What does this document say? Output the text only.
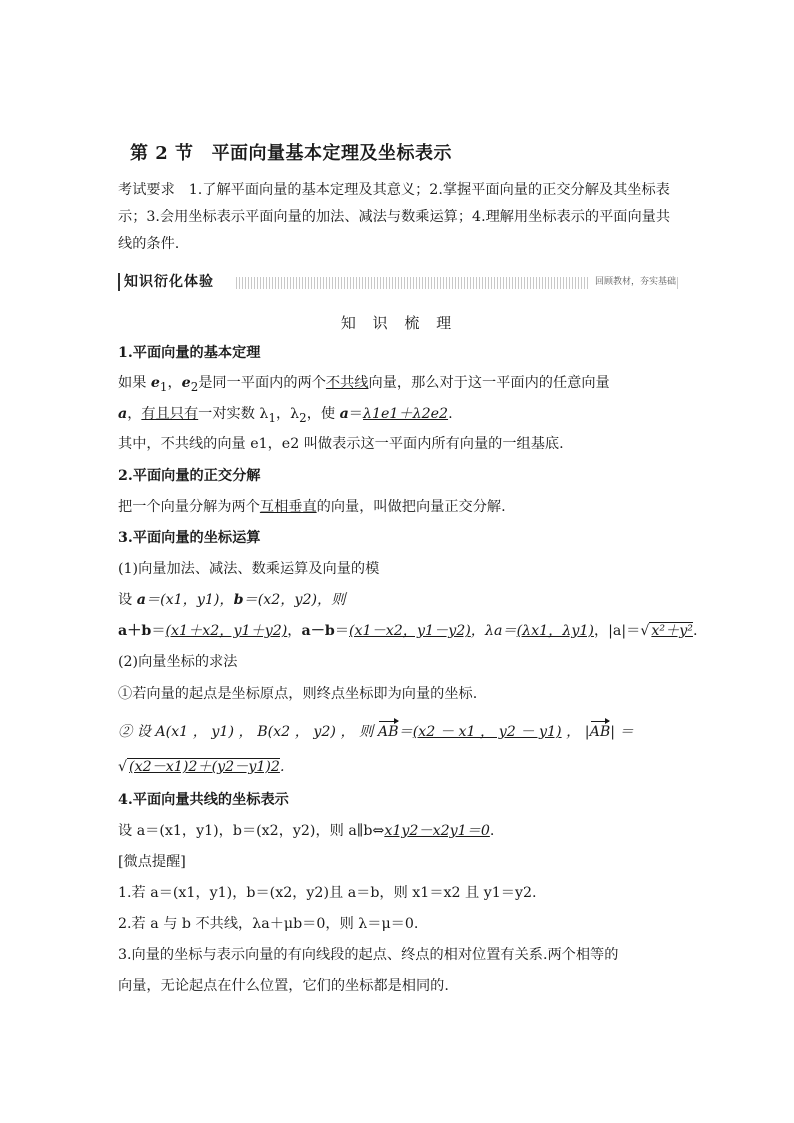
第 2 节 平面向量基本定理及坐标表示
考试要求 1.了解平面向量的基本定理及其意义；2.掌握平面向量的正交分解及其坐标表示；3.会用坐标表示平面向量的加法、减法与数乘运算；4.理解用坐标表示的平面向量共线的条件.
知识衍化体验	回顾教材，夯实基础
知 识 梳 理
1.平面向量的基本定理
如果 $e_1$，$e_2$是同一平面内的两个不共线向量，那么对于这一平面内的任意向量
a，有且只有一对实数 $\lambda_1$，$\lambda_2$，使 a＝λ1e1＋λ2e2.
其中，不共线的向量 e1，e2 叫做表示这一平面内所有向量的一组基底.
2.平面向量的正交分解
把一个向量分解为两个互相垂直的向量，叫做把向量正交分解.
3.平面向量的坐标运算
(1)向量加法、减法、数乘运算及向量的模
设 a＝(x1，y1)，b＝(x2，y2)，则
a＋b＝(x1＋x2，y1＋y2)，a－b＝(x1－x2，y1－y2)，λa＝(λx1，λy1)，|a|＝√ x²＋y².
(2)向量坐标的求法
①若向量的起点是坐标原点，则终点坐标即为向量的坐标.
② 设 A(x1 ， y1) ， B(x2 ， y2) ， 则 AB＝(x2 － x1 ， y2 － y1) ， |AB| ＝
√ (x2－x1)2＋(y2－y1)2.
4.平面向量共线的坐标表示
设 a＝(x1，y1)，b＝(x2，y2)，则 a∥b⇔x1y2－x2y1＝0.
[微点提醒]
1.若 a＝(x1，y1)，b＝(x2，y2)且 a＝b，则 x1＝x2 且 y1＝y2.
2.若 a 与 b 不共线，λa＋μb＝0，则 λ＝μ＝0.
3.向量的坐标与表示向量的有向线段的起点、终点的相对位置有关系.两个相等的
向量，无论起点在什么位置，它们的坐标都是相同的.
